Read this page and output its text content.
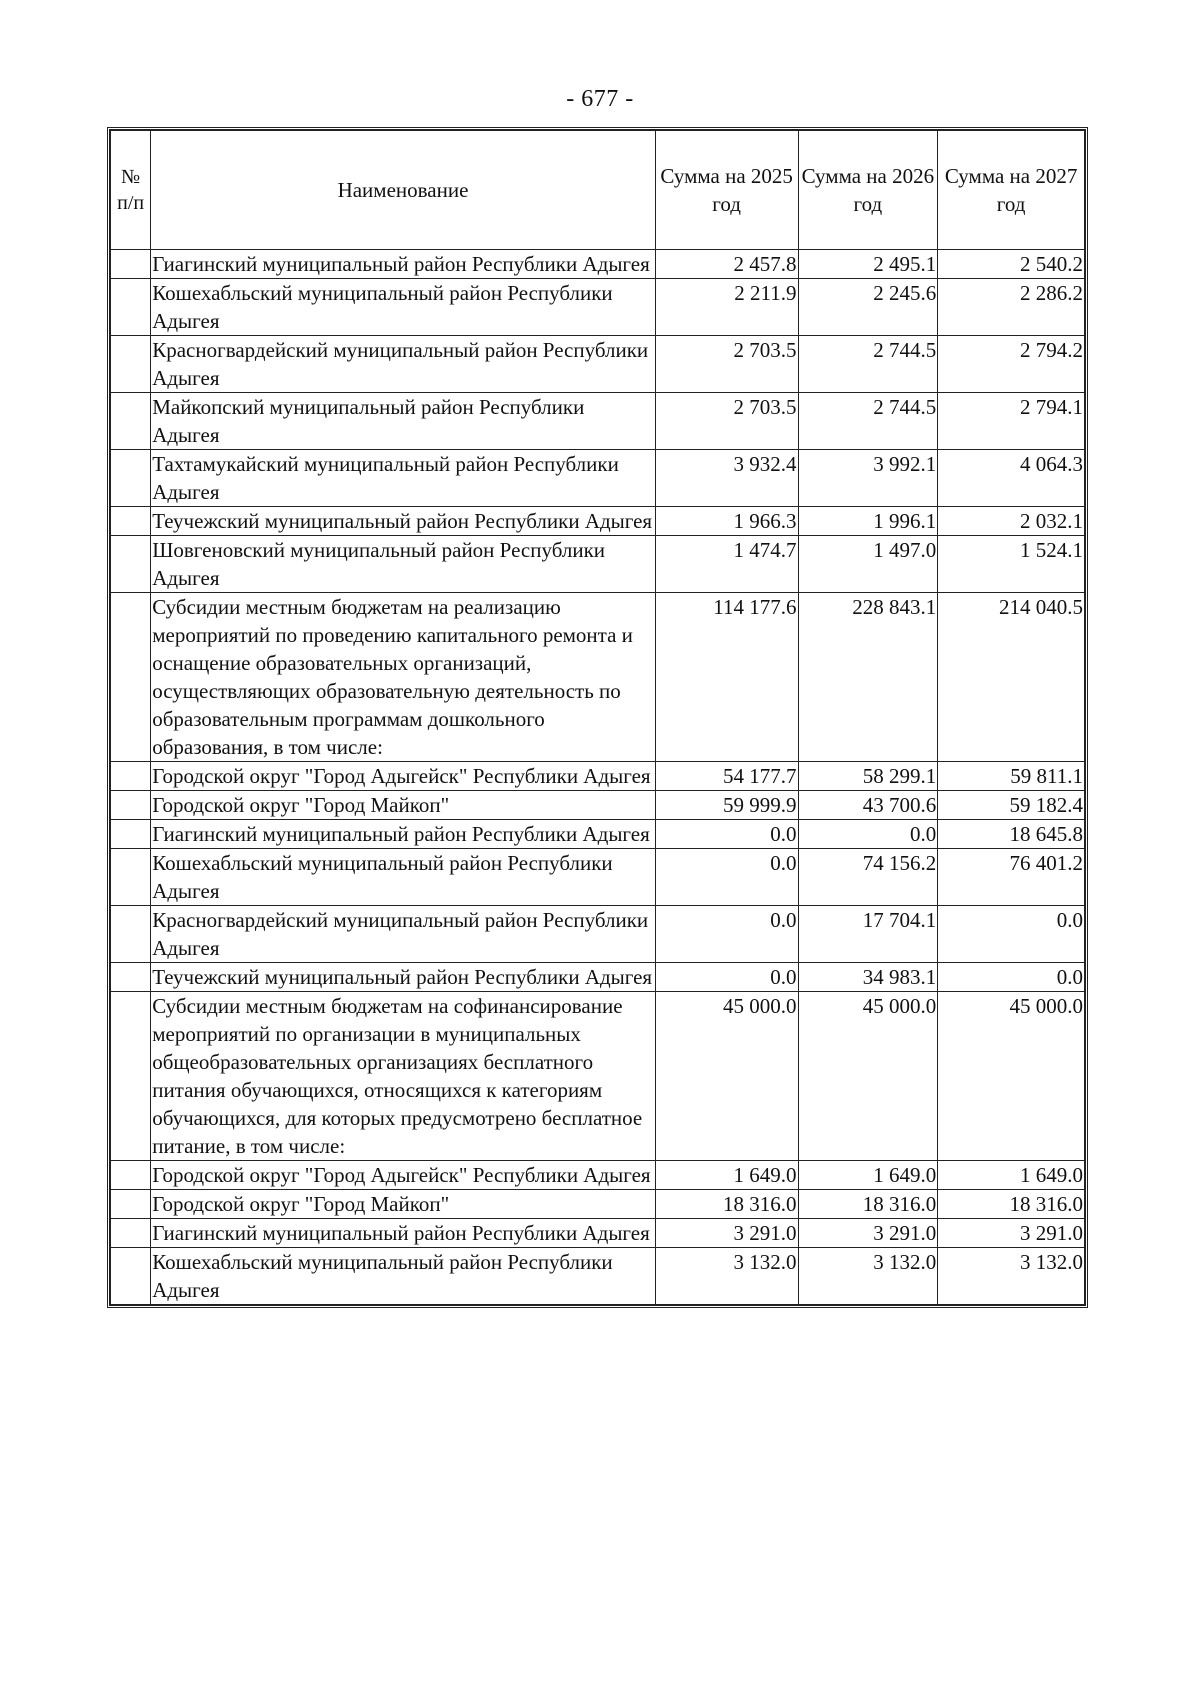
- 677 -
№ п/п	Наименование	Сумма на 2025 год	Сумма на 2026 год	Сумма на 2027 год
	Гиагинский муниципальный район Республики Адыгея	2 457.8	2 495.1	2 540.2
	Кошехабльский муниципальный район Республики Адыгея	2 211.9	2 245.6	2 286.2
	Красногвардейский муниципальный район Республики Адыгея	2 703.5	2 744.5	2 794.2
	Майкопский муниципальный район Республики Адыгея	2 703.5	2 744.5	2 794.1
	Тахтамукайский муниципальный район Республики Адыгея	3 932.4	3 992.1	4 064.3
	Теучежский муниципальный район Республики Адыгея	1 966.3	1 996.1	2 032.1
	Шовгеновский муниципальный район Республики Адыгея	1 474.7	1 497.0	1 524.1
	Субсидии местным бюджетам на реализацию мероприятий по проведению капитального ремонта и оснащение образовательных организаций, осуществляющих образовательную деятельность по образовательным программам дошкольного образования, в том числе:	114 177.6	228 843.1	214 040.5
	Городской округ "Город Адыгейск" Республики Адыгея	54 177.7	58 299.1	59 811.1
	Городской округ "Город Майкоп"	59 999.9	43 700.6	59 182.4
	Гиагинский муниципальный район Республики Адыгея	0.0	0.0	18 645.8
	Кошехабльский муниципальный район Республики Адыгея	0.0	74 156.2	76 401.2
	Красногвардейский муниципальный район Республики Адыгея	0.0	17 704.1	0.0
	Теучежский муниципальный район Республики Адыгея	0.0	34 983.1	0.0
	Субсидии местным бюджетам на софинансирование мероприятий по организации в муниципальных общеобразовательных организациях бесплатного питания обучающихся, относящихся к категориям обучающихся, для которых предусмотрено бесплатное питание, в том числе:	45 000.0	45 000.0	45 000.0
	Городской округ "Город Адыгейск" Республики Адыгея	1 649.0	1 649.0	1 649.0
	Городской округ "Город Майкоп"	18 316.0	18 316.0	18 316.0
	Гиагинский муниципальный район Республики Адыгея	3 291.0	3 291.0	3 291.0
	Кошехабльский муниципальный район Республики Адыгея	3 132.0	3 132.0	3 132.0
